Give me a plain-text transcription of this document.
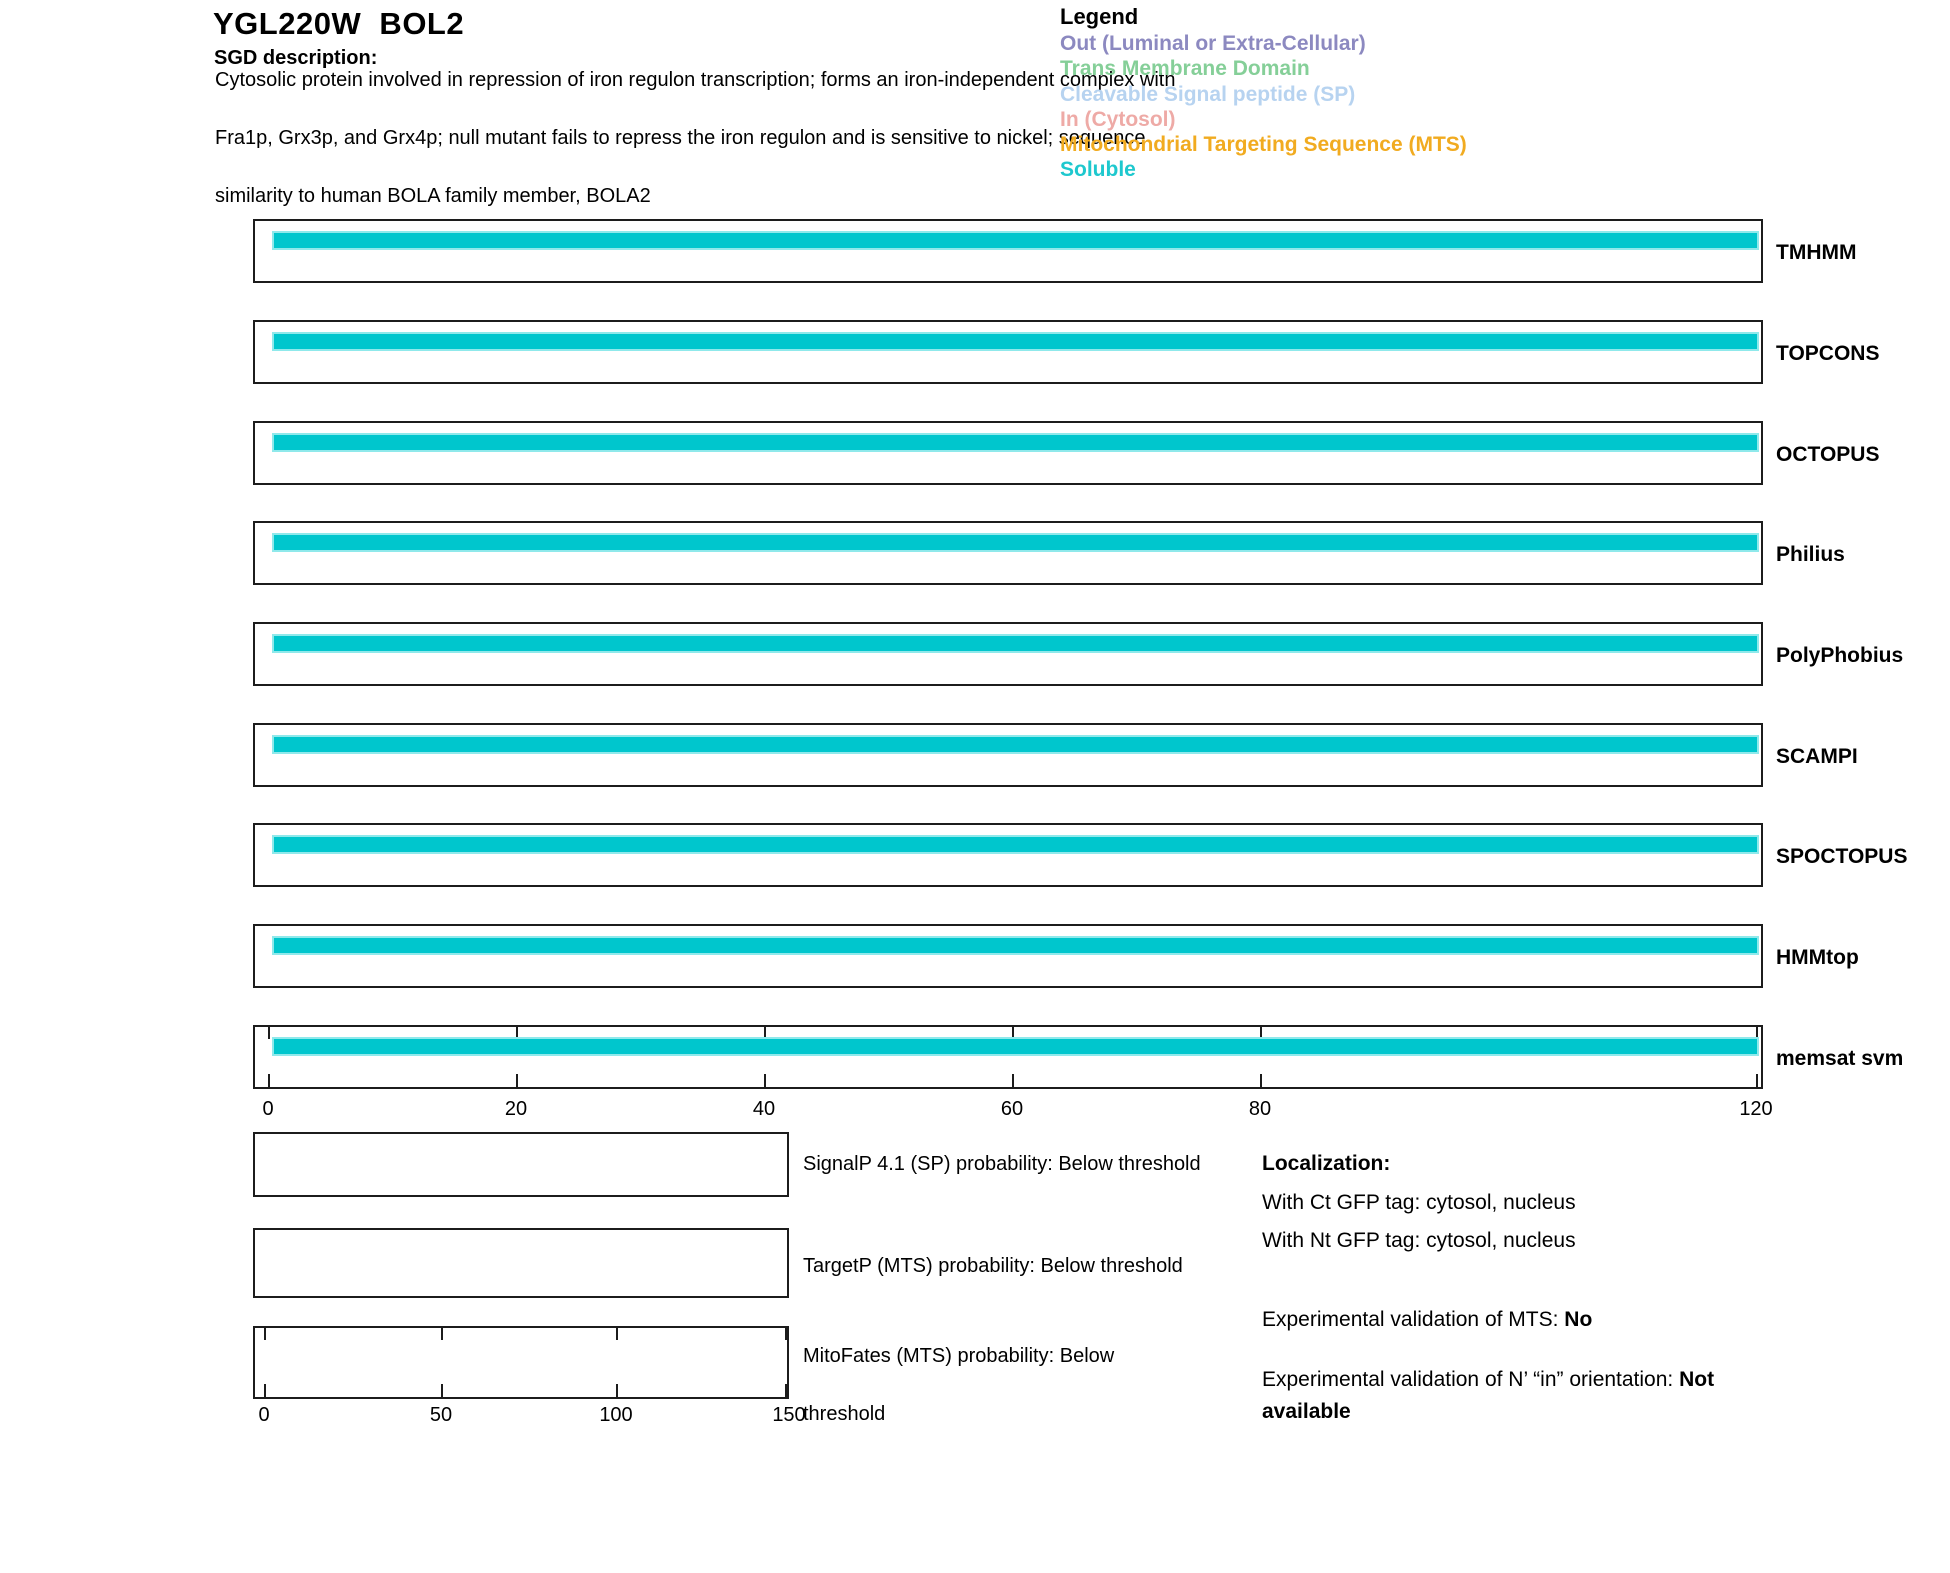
YGL220W  BOL2
SGD description:
Cytosolic protein involved in repression of iron regulon transcription; forms an iron-independent complex with

Fra1p, Grx3p, and Grx4p; null mutant fails to repress the iron regulon and is sensitive to nickel; sequence

similarity to human BOLA family member, BOLA2
Legend
Out (Luminal or Extra-Cellular)
Trans Membrane Domain
Cleavable Signal peptide (SP)
In (Cytosol)
Mitochondrial Targeting Sequence (MTS)
Soluble
TMHMM
TOPCONS
OCTOPUS
Philius
PolyPhobius
SCAMPI
SPOCTOPUS
HMMtop
memsat svm
0	20	40	60	80	120
SignalP 4.1 (SP) probability: Below threshold
TargetP (MTS) probability: Below threshold
MitoFates (MTS) probability: Below

threshold
0	50	100	150
Localization:
With Ct GFP tag: cytosol, nucleus
With Nt GFP tag: cytosol, nucleus
Experimental validation of MTS: No
Experimental validation of N’ “in” orientation: Not
available
